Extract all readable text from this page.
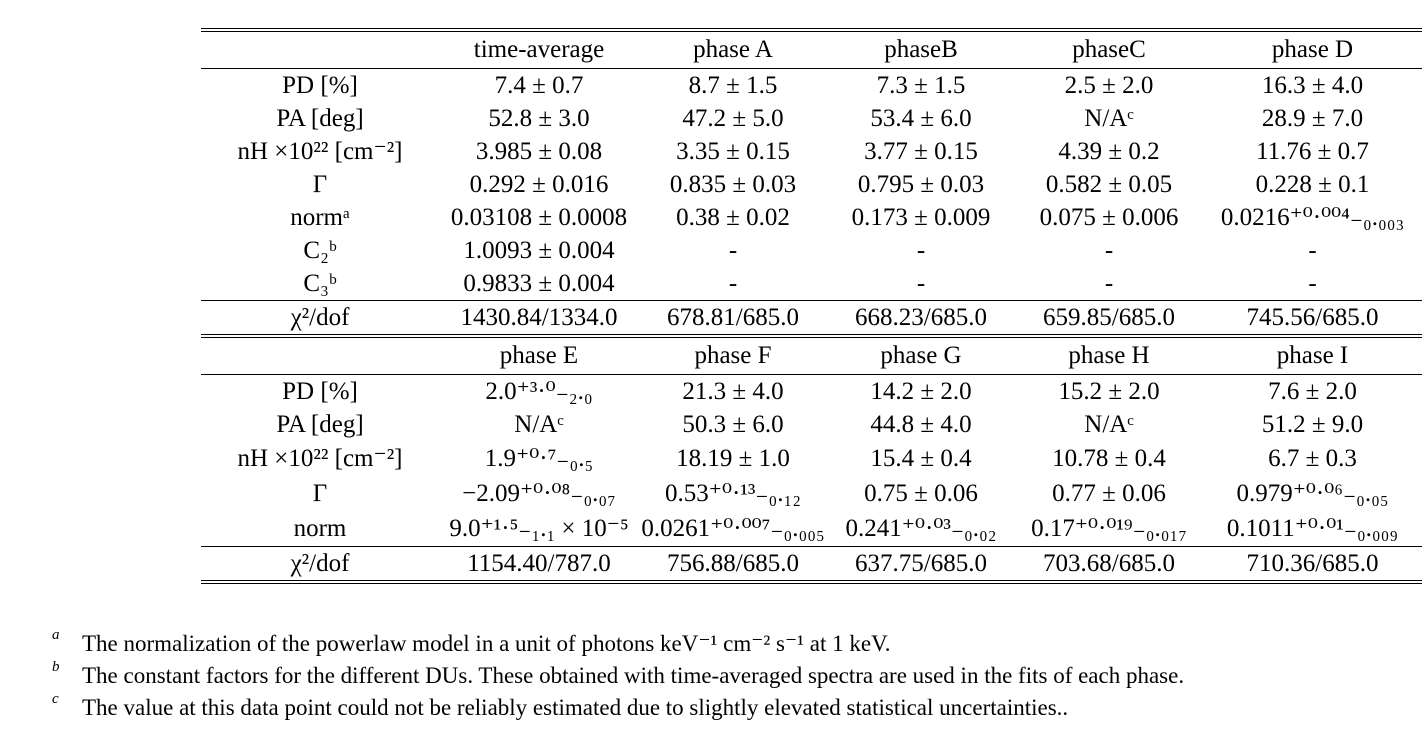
	time-average	phase A	phaseB	phaseC	phase D
PD [%]	7.4 ± 0.7	8.7 ± 1.5	7.3 ± 1.5	2.5 ± 2.0	16.3 ± 4.0
PA [deg]	52.8 ± 3.0	47.2 ± 5.0	53.4 ± 6.0	N/Aᶜ	28.9 ± 7.0
nH ×10²² [cm⁻²]	3.985 ± 0.08	3.35 ± 0.15	3.77 ± 0.15	4.39 ± 0.2	11.76 ± 0.7
Γ	0.292 ± 0.016	0.835 ± 0.03	0.795 ± 0.03	0.582 ± 0.05	0.228 ± 0.1
normᵃ	0.03108 ± 0.0008	0.38 ± 0.02	0.173 ± 0.009	0.075 ± 0.006	0.0216⁺⁰·⁰⁰⁴₋₀.₀₀₃
C₂ᵇ	1.0093 ± 0.004	-	-	-	-
C₃ᵇ	0.9833 ± 0.004	-	-	-	-
χ²/dof	1430.84/1334.0	678.81/685.0	668.23/685.0	659.85/685.0	745.56/685.0
	phase E	phase F	phase G	phase H	phase I
PD [%]	2.0⁺³·⁰₋₂.₀	21.3 ± 4.0	14.2 ± 2.0	15.2 ± 2.0	7.6 ± 2.0
PA [deg]	N/Aᶜ	50.3 ± 6.0	44.8 ± 4.0	N/Aᶜ	51.2 ± 9.0
nH ×10²² [cm⁻²]	1.9⁺⁰·⁷₋₀.₅	18.19 ± 1.0	15.4 ± 0.4	10.78 ± 0.4	6.7 ± 0.3
Γ	−2.09⁺⁰·⁰⁸₋₀.₀₇	0.53⁺⁰·¹³₋₀.₁₂	0.75 ± 0.06	0.77 ± 0.06	0.979⁺⁰·⁰⁶₋₀.₀₅
norm	9.0⁺¹·⁵₋₁.₁ × 10⁻⁵	0.0261⁺⁰·⁰⁰⁷₋₀.₀₀₅	0.241⁺⁰·⁰³₋₀.₀₂	0.17⁺⁰·⁰¹⁹₋₀.₀₁₇	0.1011⁺⁰·⁰¹₋₀.₀₀₉
χ²/dof	1154.40/787.0	756.88/685.0	637.75/685.0	703.68/685.0	710.36/685.0
a The normalization of the powerlaw model in a unit of photons keV⁻¹ cm⁻² s⁻¹ at 1 keV.
b The constant factors for the different DUs. These obtained with time-averaged spectra are used in the fits of each phase.
c The value at this data point could not be reliably estimated due to slightly elevated statistical uncertainties..
